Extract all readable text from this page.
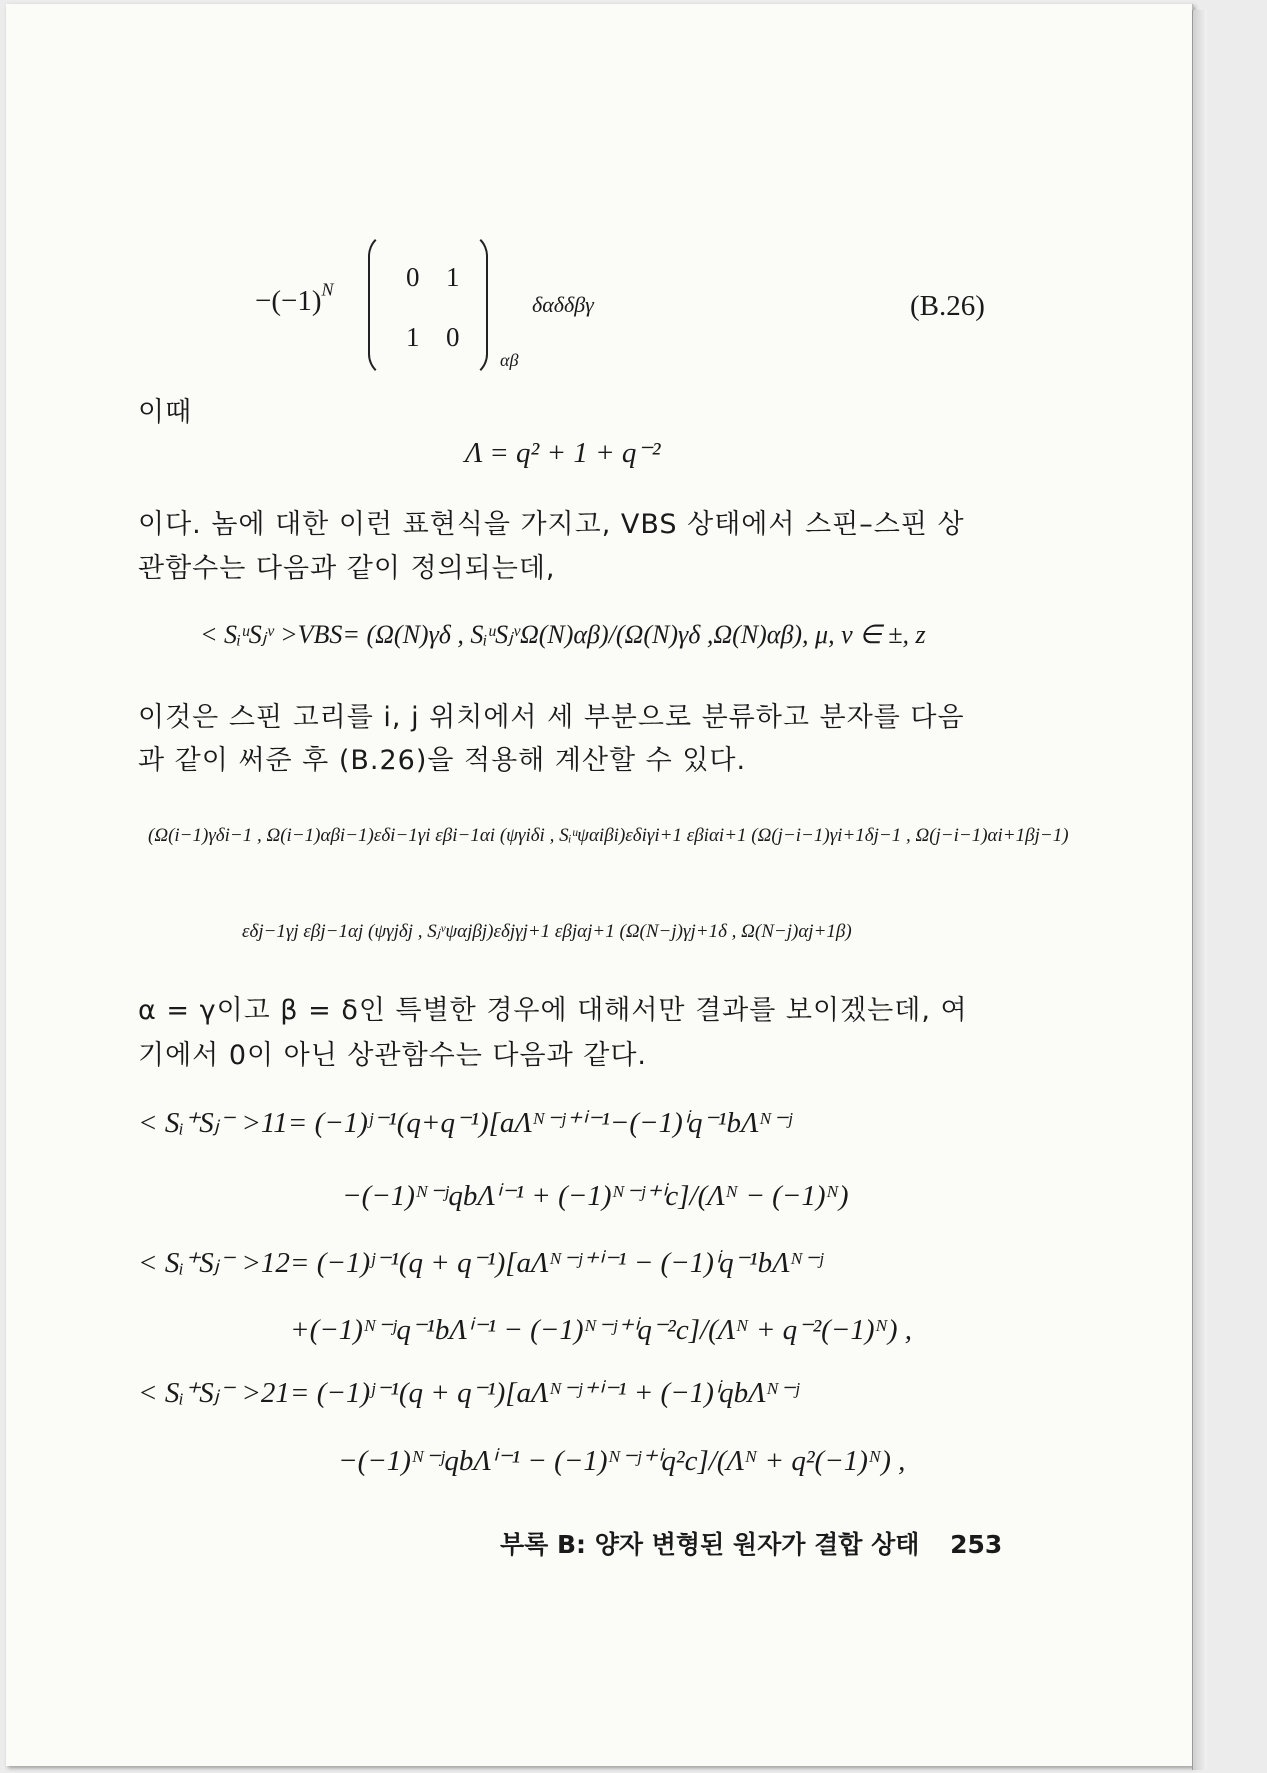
$-(-1)^N$	0 1
1 0
αβ
δαδδβγ	(B.26)
이때
Λ = q² + 1 + q⁻²
이다. 놈에 대한 이런 표현식을 가지고, VBS 상태에서 스핀–스핀 상
관함수는 다음과 같이 정의되는데,
< SᵢᵘSⱼᵛ >VBS= (Ω(N)γδ , SᵢᵘSⱼᵛΩ(N)αβ)/(Ω(N)γδ ,Ω(N)αβ), μ, ν ∈ ±, z
이것은 스핀 고리를 i, j 위치에서 세 부분으로 분류하고 분자를 다음
과 같이 써준 후 (B.26)을 적용해 계산할 수 있다.
(Ω(i−1)γδi−1 , Ω(i−1)αβi−1)εδi−1γi εβi−1αi (ψγiδi , Sᵢᵘψαiβi)εδiγi+1 εβiαi+1 (Ω(j−i−1)γi+1δj−1 , Ω(j−i−1)αi+1βj−1)
εδj−1γj εβj−1αj (ψγjδj , Sⱼᵛψαjβj)εδjγj+1 εβjαj+1 (Ω(N−j)γj+1δ , Ω(N−j)αj+1β)
α = γ이고 β = δ인 특별한 경우에 대해서만 결과를 보이겠는데, 여
기에서 0이 아닌 상관함수는 다음과 같다.
< Sᵢ⁺Sⱼ⁻ >11= (−1)ʲ⁻¹(q+q⁻¹)[aΛᴺ⁻ʲ⁺ⁱ⁻¹−(−1)ⁱq⁻¹bΛᴺ⁻ʲ
−(−1)ᴺ⁻ʲqbΛⁱ⁻¹ + (−1)ᴺ⁻ʲ⁺ⁱc]/(Λᴺ − (−1)ᴺ)
< Sᵢ⁺Sⱼ⁻ >12= (−1)ʲ⁻¹(q + q⁻¹)[aΛᴺ⁻ʲ⁺ⁱ⁻¹ − (−1)ⁱq⁻¹bΛᴺ⁻ʲ
+(−1)ᴺ⁻ʲq⁻¹bΛⁱ⁻¹ − (−1)ᴺ⁻ʲ⁺ⁱq⁻²c]/(Λᴺ + q⁻²(−1)ᴺ) ,
< Sᵢ⁺Sⱼ⁻ >21= (−1)ʲ⁻¹(q + q⁻¹)[aΛᴺ⁻ʲ⁺ⁱ⁻¹ + (−1)ⁱqbΛᴺ⁻ʲ
−(−1)ᴺ⁻ʲqbΛⁱ⁻¹ − (−1)ᴺ⁻ʲ⁺ⁱq²c]/(Λᴺ + q²(−1)ᴺ) ,
부록 B: 양자 변형된 원자가 결합 상태 253
